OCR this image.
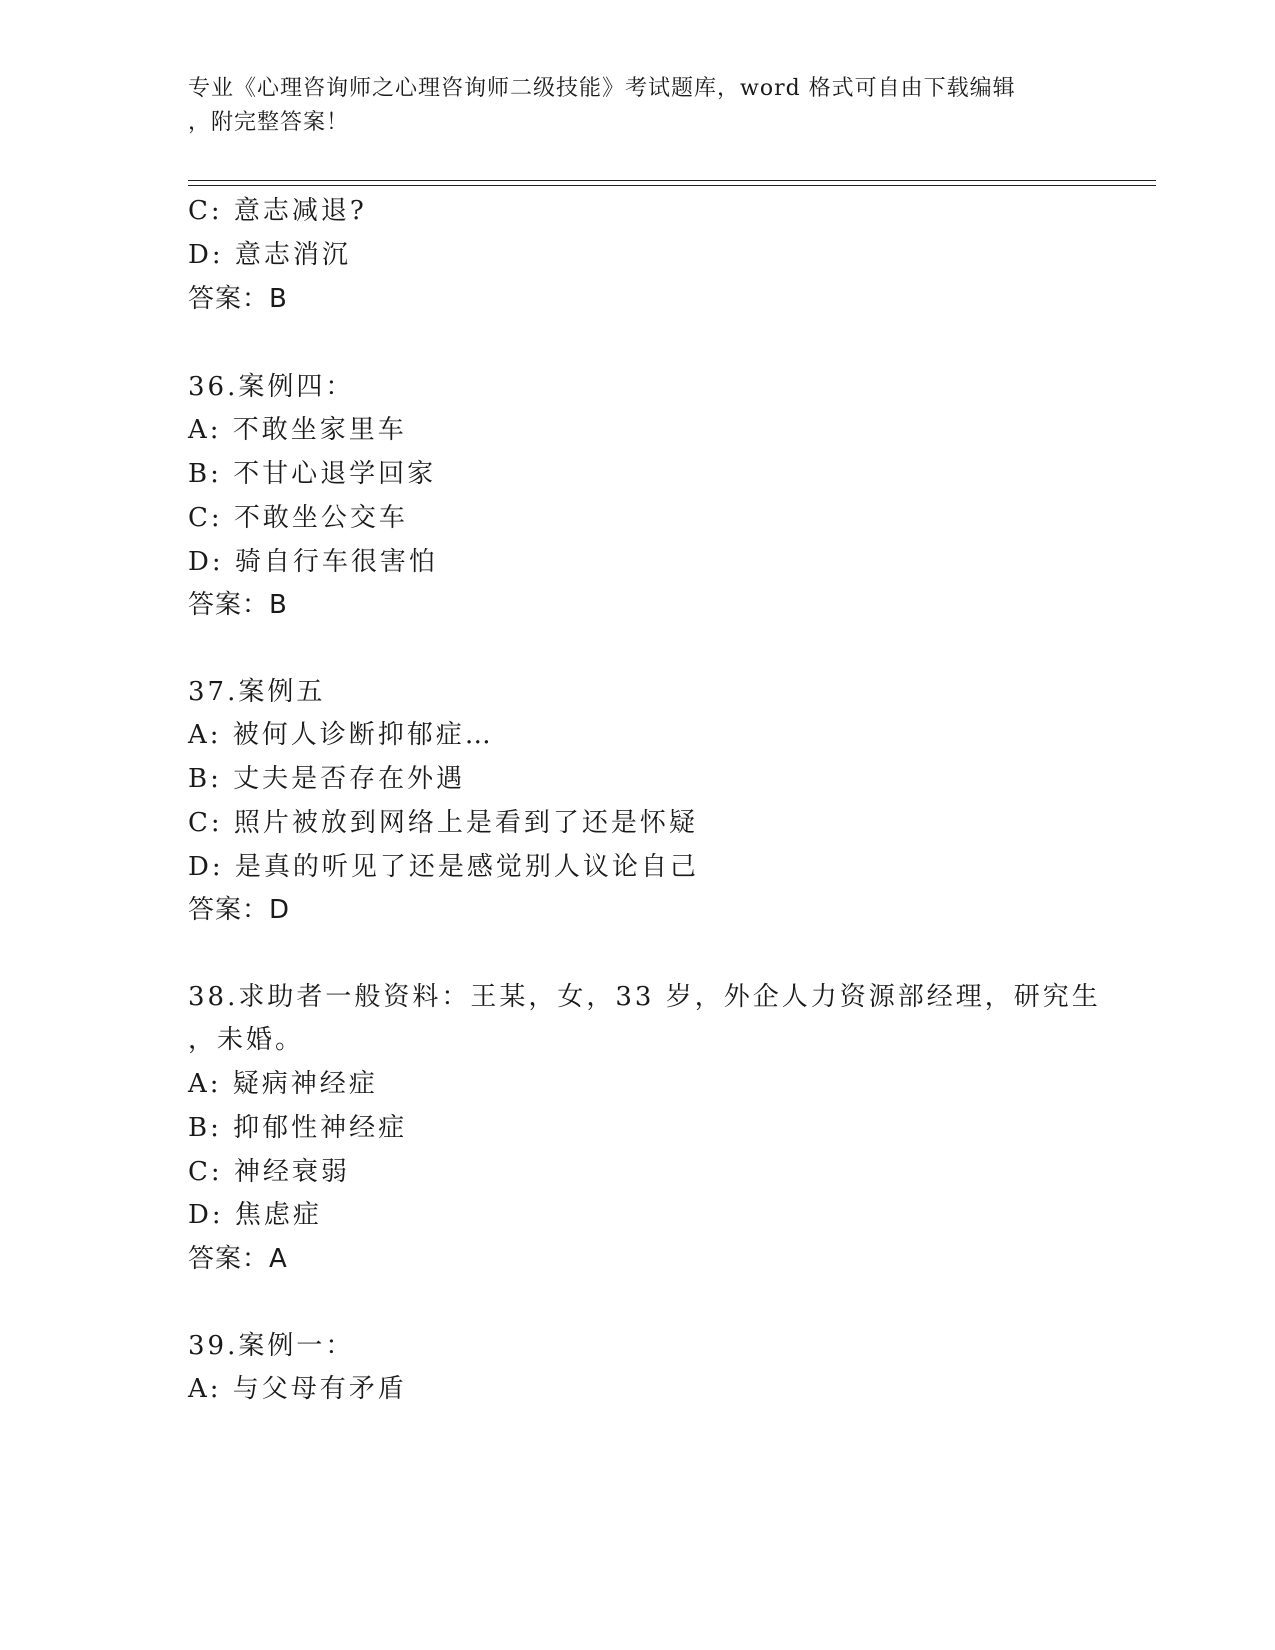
专业《心理咨询师之心理咨询师二级技能》考试题库，word 格式可自由下载编辑
，附完整答案！
C: 意志减退?
D: 意志消沉
答案：B
36.案例四：
A: 不敢坐家里车
B: 不甘心退学回家
C: 不敢坐公交车
D: 骑自行车很害怕
答案：B
37.案例五
A: 被何人诊断抑郁症…
B: 丈夫是否存在外遇
C: 照片被放到网络上是看到了还是怀疑
D: 是真的听见了还是感觉别人议论自己
答案：D
38.求助者一般资料：王某，女，33 岁，外企人力资源部经理，研究生
，未婚。
A: 疑病神经症
B: 抑郁性神经症
C: 神经衰弱
D: 焦虑症
答案：A
39.案例一：
A: 与父母有矛盾
